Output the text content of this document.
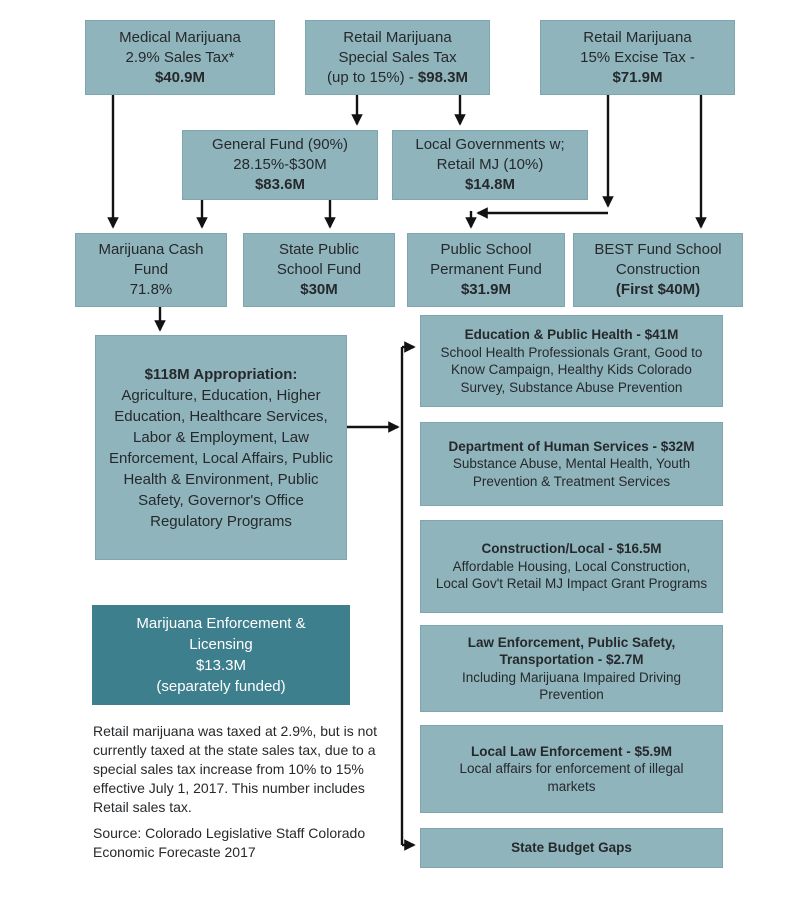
Medical Marijuana
2.9% Sales Tax*
$40.9M
Retail Marijuana
Special Sales Tax
(up to 15%) - $98.3M
Retail Marijuana
15% Excise Tax -
$71.9M
General Fund (90%)
28.15%-$30M
$83.6M
Local Governments w;
Retail MJ (10%)
$14.8M
Marijuana Cash
Fund
71.8%
State Public
School Fund
$30M
Public School
Permanent Fund
$31.9M
BEST Fund School
Construction
(First $40M)
$118M Appropriation:
Agriculture, Education, Higher Education, Healthcare Services, Labor & Employment, Law Enforcement, Local Affairs, Public Health & Environment, Public Safety, Governor's Office Regulatory Programs
Marijuana Enforcement &
Licensing
$13.3M
(separately funded)
Education & Public Health - $41M
School Health Professionals Grant, Good to Know Campaign, Healthy Kids Colorado Survey, Substance Abuse Prevention
Department of Human Services - $32M
Substance Abuse, Mental Health, Youth Prevention & Treatment Services
Construction/Local - $16.5M
Affordable Housing, Local Construction, Local Gov't Retail MJ Impact Grant Programs
Law Enforcement, Public Safety, Transportation - $2.7M
Including Marijuana Impaired Driving Prevention
Local Law Enforcement - $5.9M
Local affairs for enforcement of illegal markets
State Budget Gaps
Retail marijuana was taxed at 2.9%, but is not currently taxed at the state sales tax, due to a special sales tax increase from 10% to 15% effective July 1, 2017. This number includes Retail sales tax.
Source: Colorado Legislative Staff Colorado Economic Forecaste 2017
